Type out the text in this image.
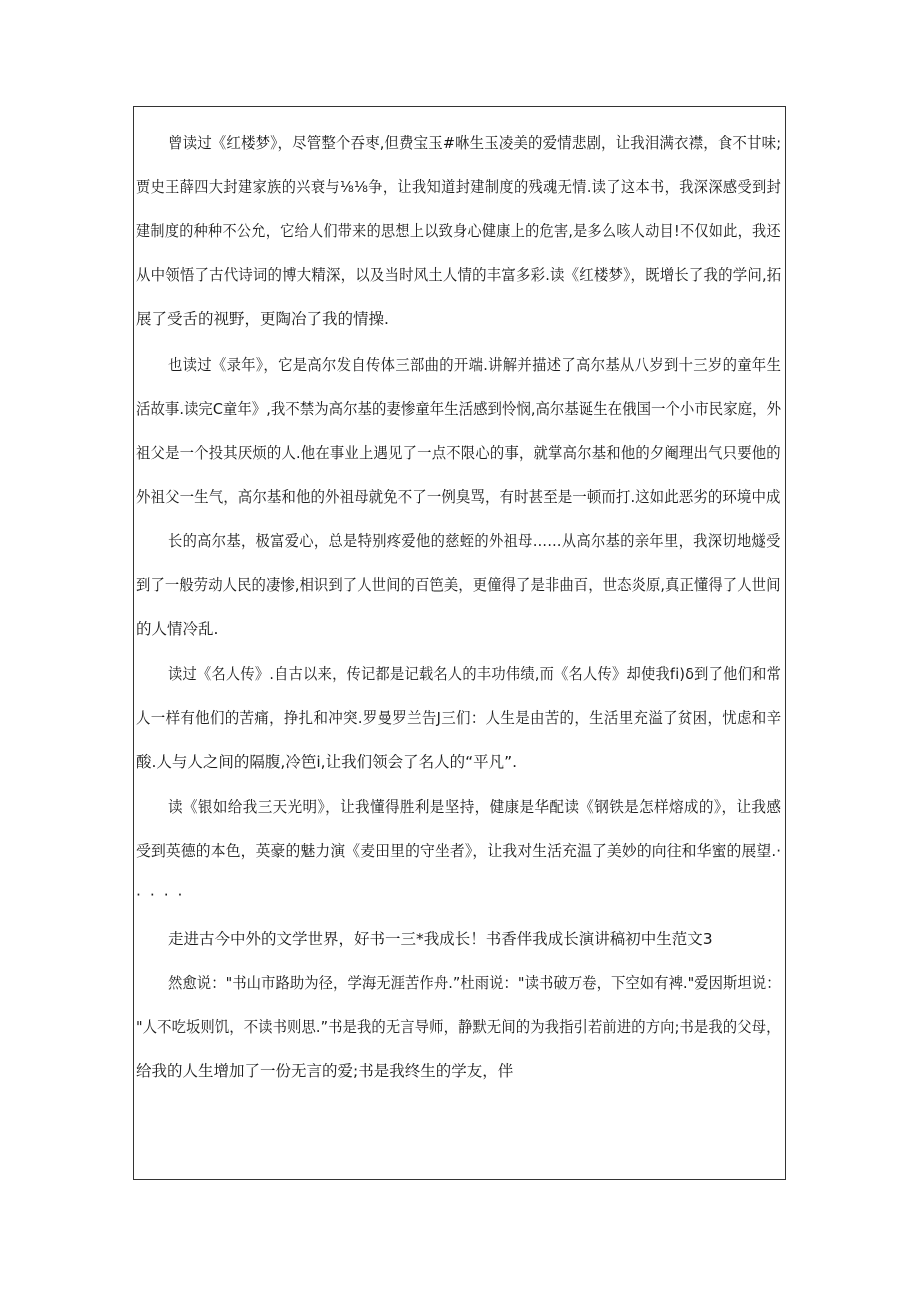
曾读过《红楼梦》，尽管整个吞枣,但费宝玉#咻生玉凌美的爱情悲剧，让我泪满衣襟，食不甘味;

贾史王薛四大封建家族的兴衰与⅛⅛争，让我知道封建制度的残魂无情.读了这本书，我深深感受到封

建制度的种种不公允，它给人们带来的思想上以致身心健康上的危害,是多么咳人动目!不仅如此，我还

从中领悟了古代诗词的博大精深，以及当时风土人情的丰富多彩.读《红楼梦》，既增长了我的学问,拓

展了受舌的视野，更陶冶了我的情操.

也读过《录年》，它是高尔发自传体三部曲的开端.讲解并描述了高尔基从八岁到十三岁的童年生

活故事.读完C童年》,我不禁为高尔基的妻惨童年生活感到怜悯,高尔基诞生在俄国一个小市民家庭，外

祖父是一个投其厌烦的人.他在事业上遇见了一点不限心的事，就掌高尔基和他的夕阉理出气只要他的

外祖父一生气，高尔基和他的外祖母就免不了一例臭骂，有时甚至是一顿而打.这如此恶劣的环境中成

长的高尔基，极富爱心，总是特别疼爱他的慈蛭的外祖母……从高尔基的亲年里，我深切地燧受

到了一般劳动人民的凄惨,相识到了人世间的百笆美，更僮得了是非曲百，世态炎原,真正懂得了人世间

的人情冷乱.

读过《名人传》.自古以来，传记都是记载名人的丰功伟绩,而《名人传》却使我fi)δ到了他们和常

人一样有他们的苦痛，挣扎和冲突.罗曼罗兰告J三们：人生是由苦的，生活里充溢了贫困，忧虑和辛

酸.人与人之间的隔腹,冷笆i,让我们领会了名人的“平凡”.

读《银如给我三天光明》，让我懂得胜利是坚持，健康是华配读《钢铁是怎样熔成的》，让我感

受到英德的本色，英豪的魅力演《麦田里的守坐者》，让我对生活充温了美妙的向往和华蜜的展望.·

· · · ·

走进古今中外的文学世界，好书一三*我成长！书香伴我成长演讲稿初中生范文3

然愈说："书山市路助为径，学海无涯苦作舟.”杜雨说："读书破万卷，下空如有裨."爱因斯坦说：

"人不吃坂则饥，不读书则思.”书是我的无言导师，静默无间的为我指引若前进的方向;书是我的父母，

给我的人生增加了一份无言的爱;书是我终生的学友，伴
